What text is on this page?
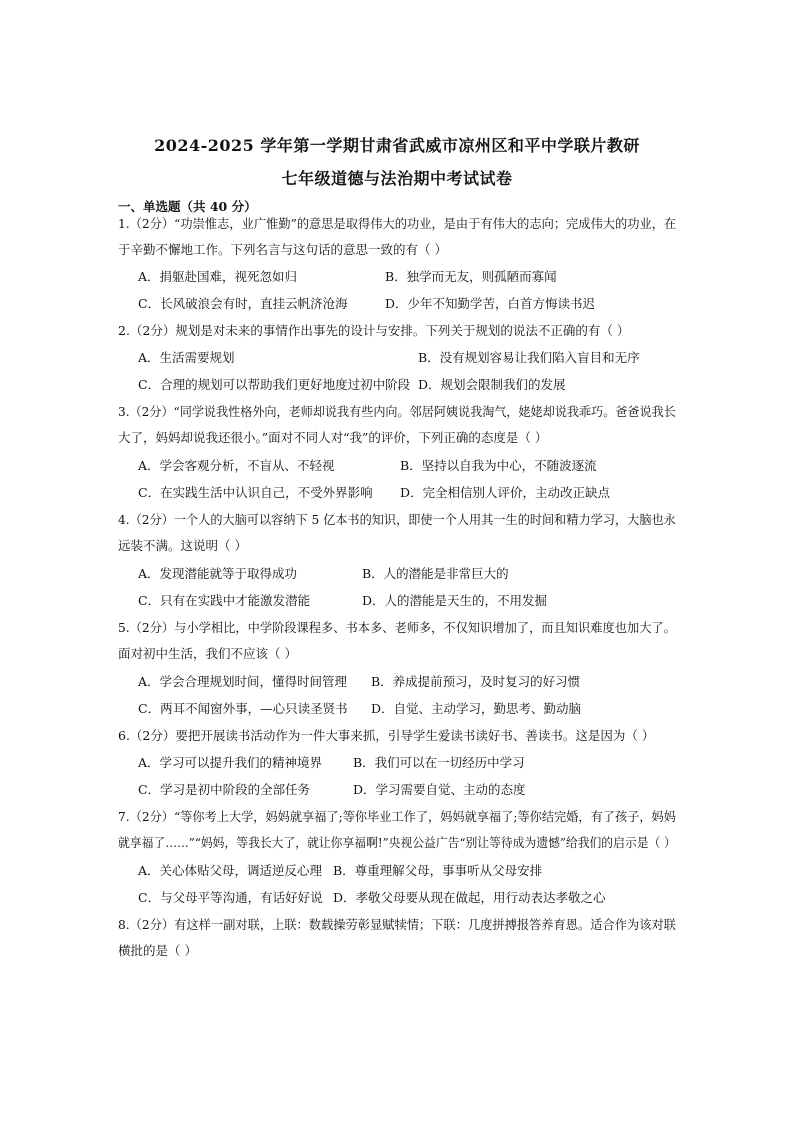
2024-2025 学年第一学期甘肃省武威市凉州区和平中学联片教研
七年级道德与法治期中考试试卷
一、单选题（共 40 分）
1.（2分）“功崇惟志，业广惟勤”的意思是取得伟大的功业，是由于有伟大的志向；完成伟大的功业，在
于辛勤不懈地工作。下列名言与这句话的意思一致的有（ ）
A．捐躯赴国难，视死忽如归	B．独学而无友，则孤陋而寡闻
C．长风破浪会有时，直挂云帆济沧海	D．少年不知勤学苦，白首方悔读书迟
2.（2分）规划是对未来的事情作出事先的设计与安排。下列关于规划的说法不正确的有（ ）
A．生活需要规划	B．没有规划容易让我们陷入盲目和无序
C．合理的规划可以帮助我们更好地度过初中阶段 D．规划会限制我们的发展
3.（2分）“同学说我性格外向，老师却说我有些内向。邻居阿姨说我淘气，姥姥却说我乖巧。爸爸说我长
大了，妈妈却说我还很小。”面对不同人对“我”的评价，下列正确的态度是（ ）
A．学会客观分析，不盲从、不轻视	B．坚持以自我为中心，不随波逐流
C．在实践生活中认识自己，不受外界影响 D．完全相信别人评价，主动改正缺点
4.（2分）一个人的大脑可以容纳下 5 亿本书的知识，即使一个人用其一生的时间和精力学习，大脑也永
远装不满。这说明（ ）
A．发现潜能就等于取得成功	B．人的潜能是非常巨大的
C．只有在实践中才能激发潜能	D．人的潜能是天生的，不用发掘
5.（2分）与小学相比，中学阶段课程多、书本多、老师多，不仅知识增加了，而且知识难度也加大了。
面对初中生活，我们不应该（ ）
A．学会合理规划时间，懂得时间管理 B．养成提前预习，及时复习的好习惯
C．两耳不闻窗外事，—心只读圣贤书 D．自觉、主动学习，勤思考、勤动脑
6.（2分）要把开展读书活动作为一件大事来抓，引导学生爱读书读好书、善读书。这是因为（ ）
A．学习可以提升我们的精神境界 B．我们可以在一切经历中学习
C．学习是初中阶段的全部任务	D．学习需要自觉、主动的态度
7.（2分）“等你考上大学，妈妈就享福了;等你毕业工作了，妈妈就享福了;等你结完婚，有了孩子，妈妈
就享福了……”“妈妈，等我长大了，就让你享福啊!”央视公益广告“别让等待成为遗憾”给我们的启示是（ ）
A．关心体贴父母，调适逆反心理 B．尊重理解父母，事事听从父母安排
C．与父母平等沟通，有话好好说 D．孝敬父母要从现在做起，用行动表达孝敬之心
8.（2分）有这样一副对联，上联：数载操劳彰显赋犊情；下联：几度拼搏报答养育恩。适合作为该对联
横批的是（ ）
